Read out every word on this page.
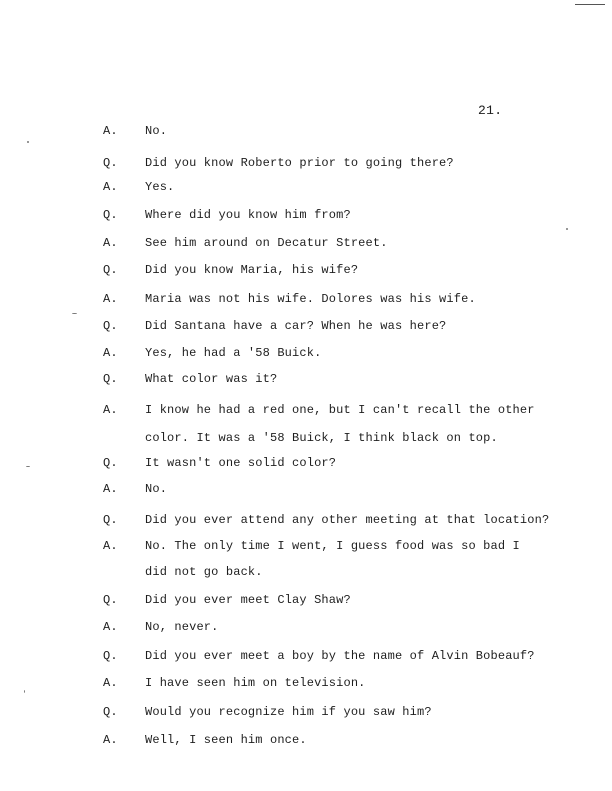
21.
A. No.
Q. Did you know Roberto prior to going there?
A. Yes.
Q. Where did you know him from?
A. See him around on Decatur Street.
Q. Did you know Maria, his wife?
A. Maria was not his wife. Dolores was his wife.
Q. Did Santana have a car? When he was here?
A. Yes, he had a '58 Buick.
Q. What color was it?
A. I know he had a red one, but I can't recall the other
color. It was a '58 Buick, I think black on top.
Q. It wasn't one solid color?
A. No.
Q. Did you ever attend any other meeting at that location?
A. No. The only time I went, I guess food was so bad I
did not go back.
Q. Did you ever meet Clay Shaw?
A. No, never.
Q. Did you ever meet a boy by the name of Alvin Bobeauf?
A. I have seen him on television.
Q. Would you recognize him if you saw him?
A. Well, I seen him once.
